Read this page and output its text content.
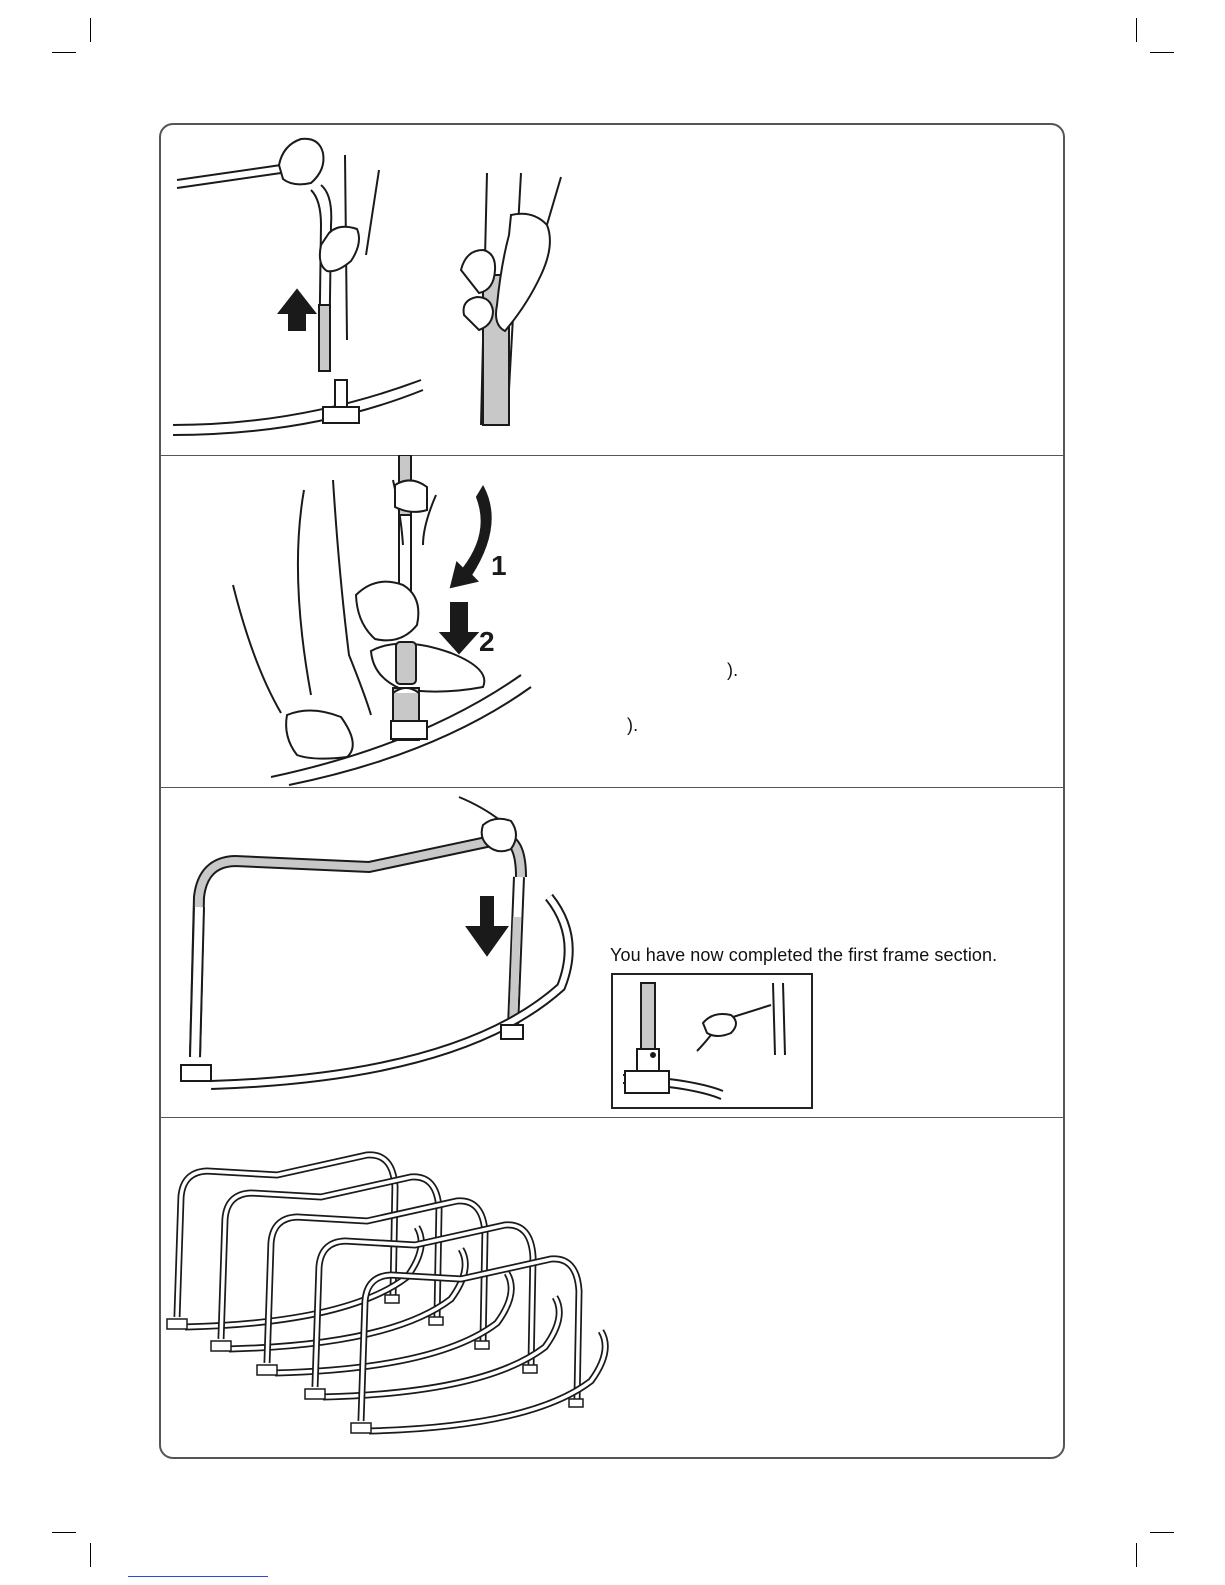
1
2
).
).
You have now completed the first frame section.
